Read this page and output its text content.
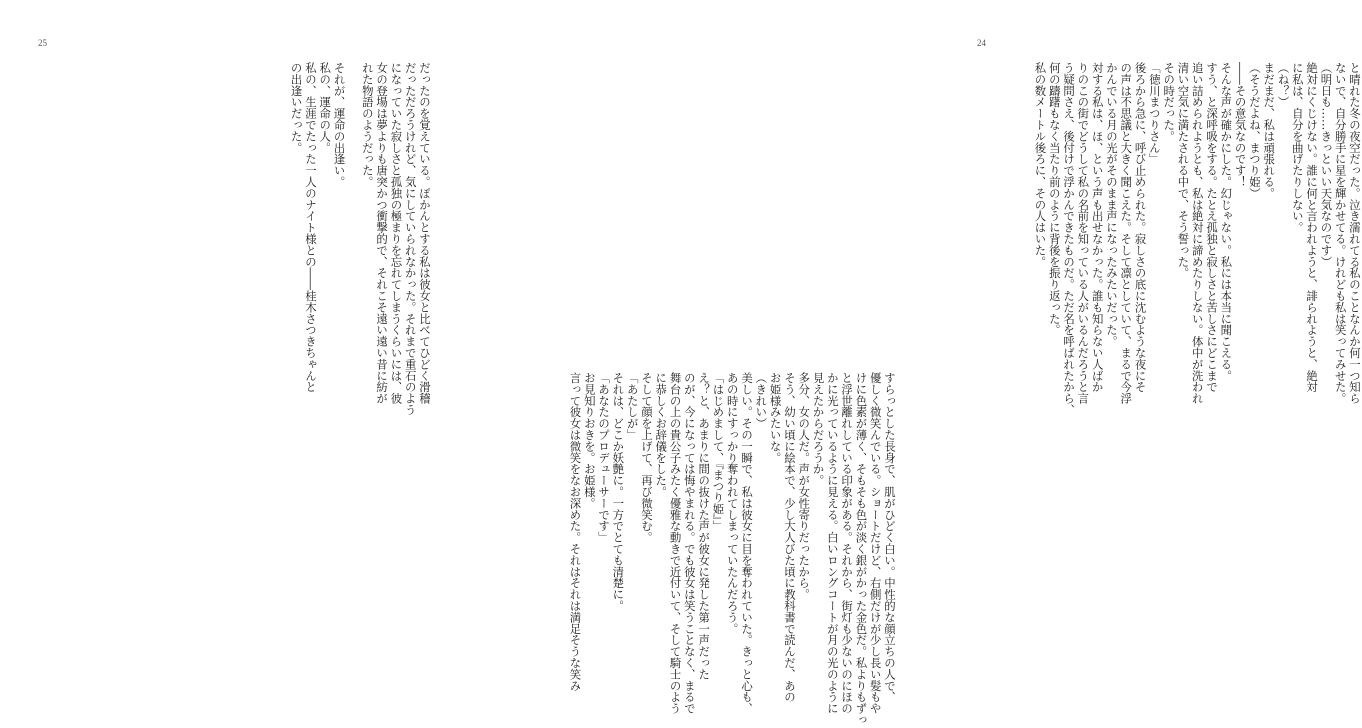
25
だったのを覚えている。ぽかんとする私は彼女と比べてひどく滑稽
だっただろうけれど、気にしていられなかった。それまで重石のよう
になっていた寂しさと孤独の極まりを忘れてしまうくらいには、彼
女の登場は夢よりも唐突かつ衝撃的で、それこそ遠い遠い昔に紡が
れた物語のようだった。
それが、運命の出逢い。
私の、運命の人。
私の、生涯でたった一人のナイト様との――桂木さつきちゃんと
の出逢いだった。
24
と晴れた冬の夜空だった。泣き濡れてる私のことなんか何一つ知ら
ないで、自分勝手に星を輝かせてる。けれども私は笑ってみせた。
（明日も……きっといい天気なのです）
絶対にくじけない。誰に何と言われようと、誹られようと、絶対
に私は、自分を曲げたりしない。
（ね？）
まだまだ、私は頑張れる。
（そうだよね、まつり姫）
――その意気なのです！
そんな声が確かにした。幻じゃない。私には本当に聞こえる。
すう、と深呼吸をする。たとえ孤独と寂しさと苦しさにどこまで
追い詰められようとも、私は絶対に諦めたりしない。体中が洗われ
清い空気に満たされる中で、そう誓った。
その時だった。
「徳川まつりさん」
後ろから急に、呼び止められた。寂しさの底に沈むような夜にそ
の声は不思議と大きく聞こえた。そして凛としていて、まるで今浮
かんでいる月の光がそのまま声になったみたいだった。
対する私は、ほ、という声も出せなかった。誰も知らない人ばか
りのこの街でどうして私の名前を知っている人がいるんだろうと言
う疑問さえ、後付けで浮かんできたものだ。ただ名を呼ばれたから、
何の躊躇もなく当たり前のように背後を振り返った。
私の数メートル後ろに、その人はいた。
すらっとした長身で、肌がひどく白い。中性的な顔立ちの人で、
優しく微笑んでいる。ショートだけど、右側だけが少し長い髪もや
けに色素が薄く、そもそも色が淡く銀がかった金色だ。私よりもずっ
と浮世離れしている印象がある。それから、街灯も少ないのにほの
かに光っているように見える。白いロングコートが月の光のように
見えたからだろうか。
多分、女の人だ。声が女性寄りだったから。
そう、幼い頃に絵本で、少し大人びた頃に教科書で読んだ、あの
お姫様みたいな。
（きれい）
美しい。その一瞬で、私は彼女に目を奪われていた。きっと心も、
あの時にすっかり奪われてしまっていたんだろう。
「はじめまして、『まつり姫』」
え？と、あまりに間の抜けた声が彼女に発した第一声だった
のが、今になっては悔やまれる。でも彼女は笑うことなく、まるで
舞台の上の貴公子みたく優雅な動きで近付いて、そして騎士のよう
に恭しくお辞儀をした。
そして顔を上げて、再び微笑む。
「あたしが」
それは、どこか妖艶に。一方でとても清楚に。
「あなたのプロデューサーです」
お見知りおきを。お姫様。
言って彼女は微笑をなお深めた。それはそれは満足そうな笑み
